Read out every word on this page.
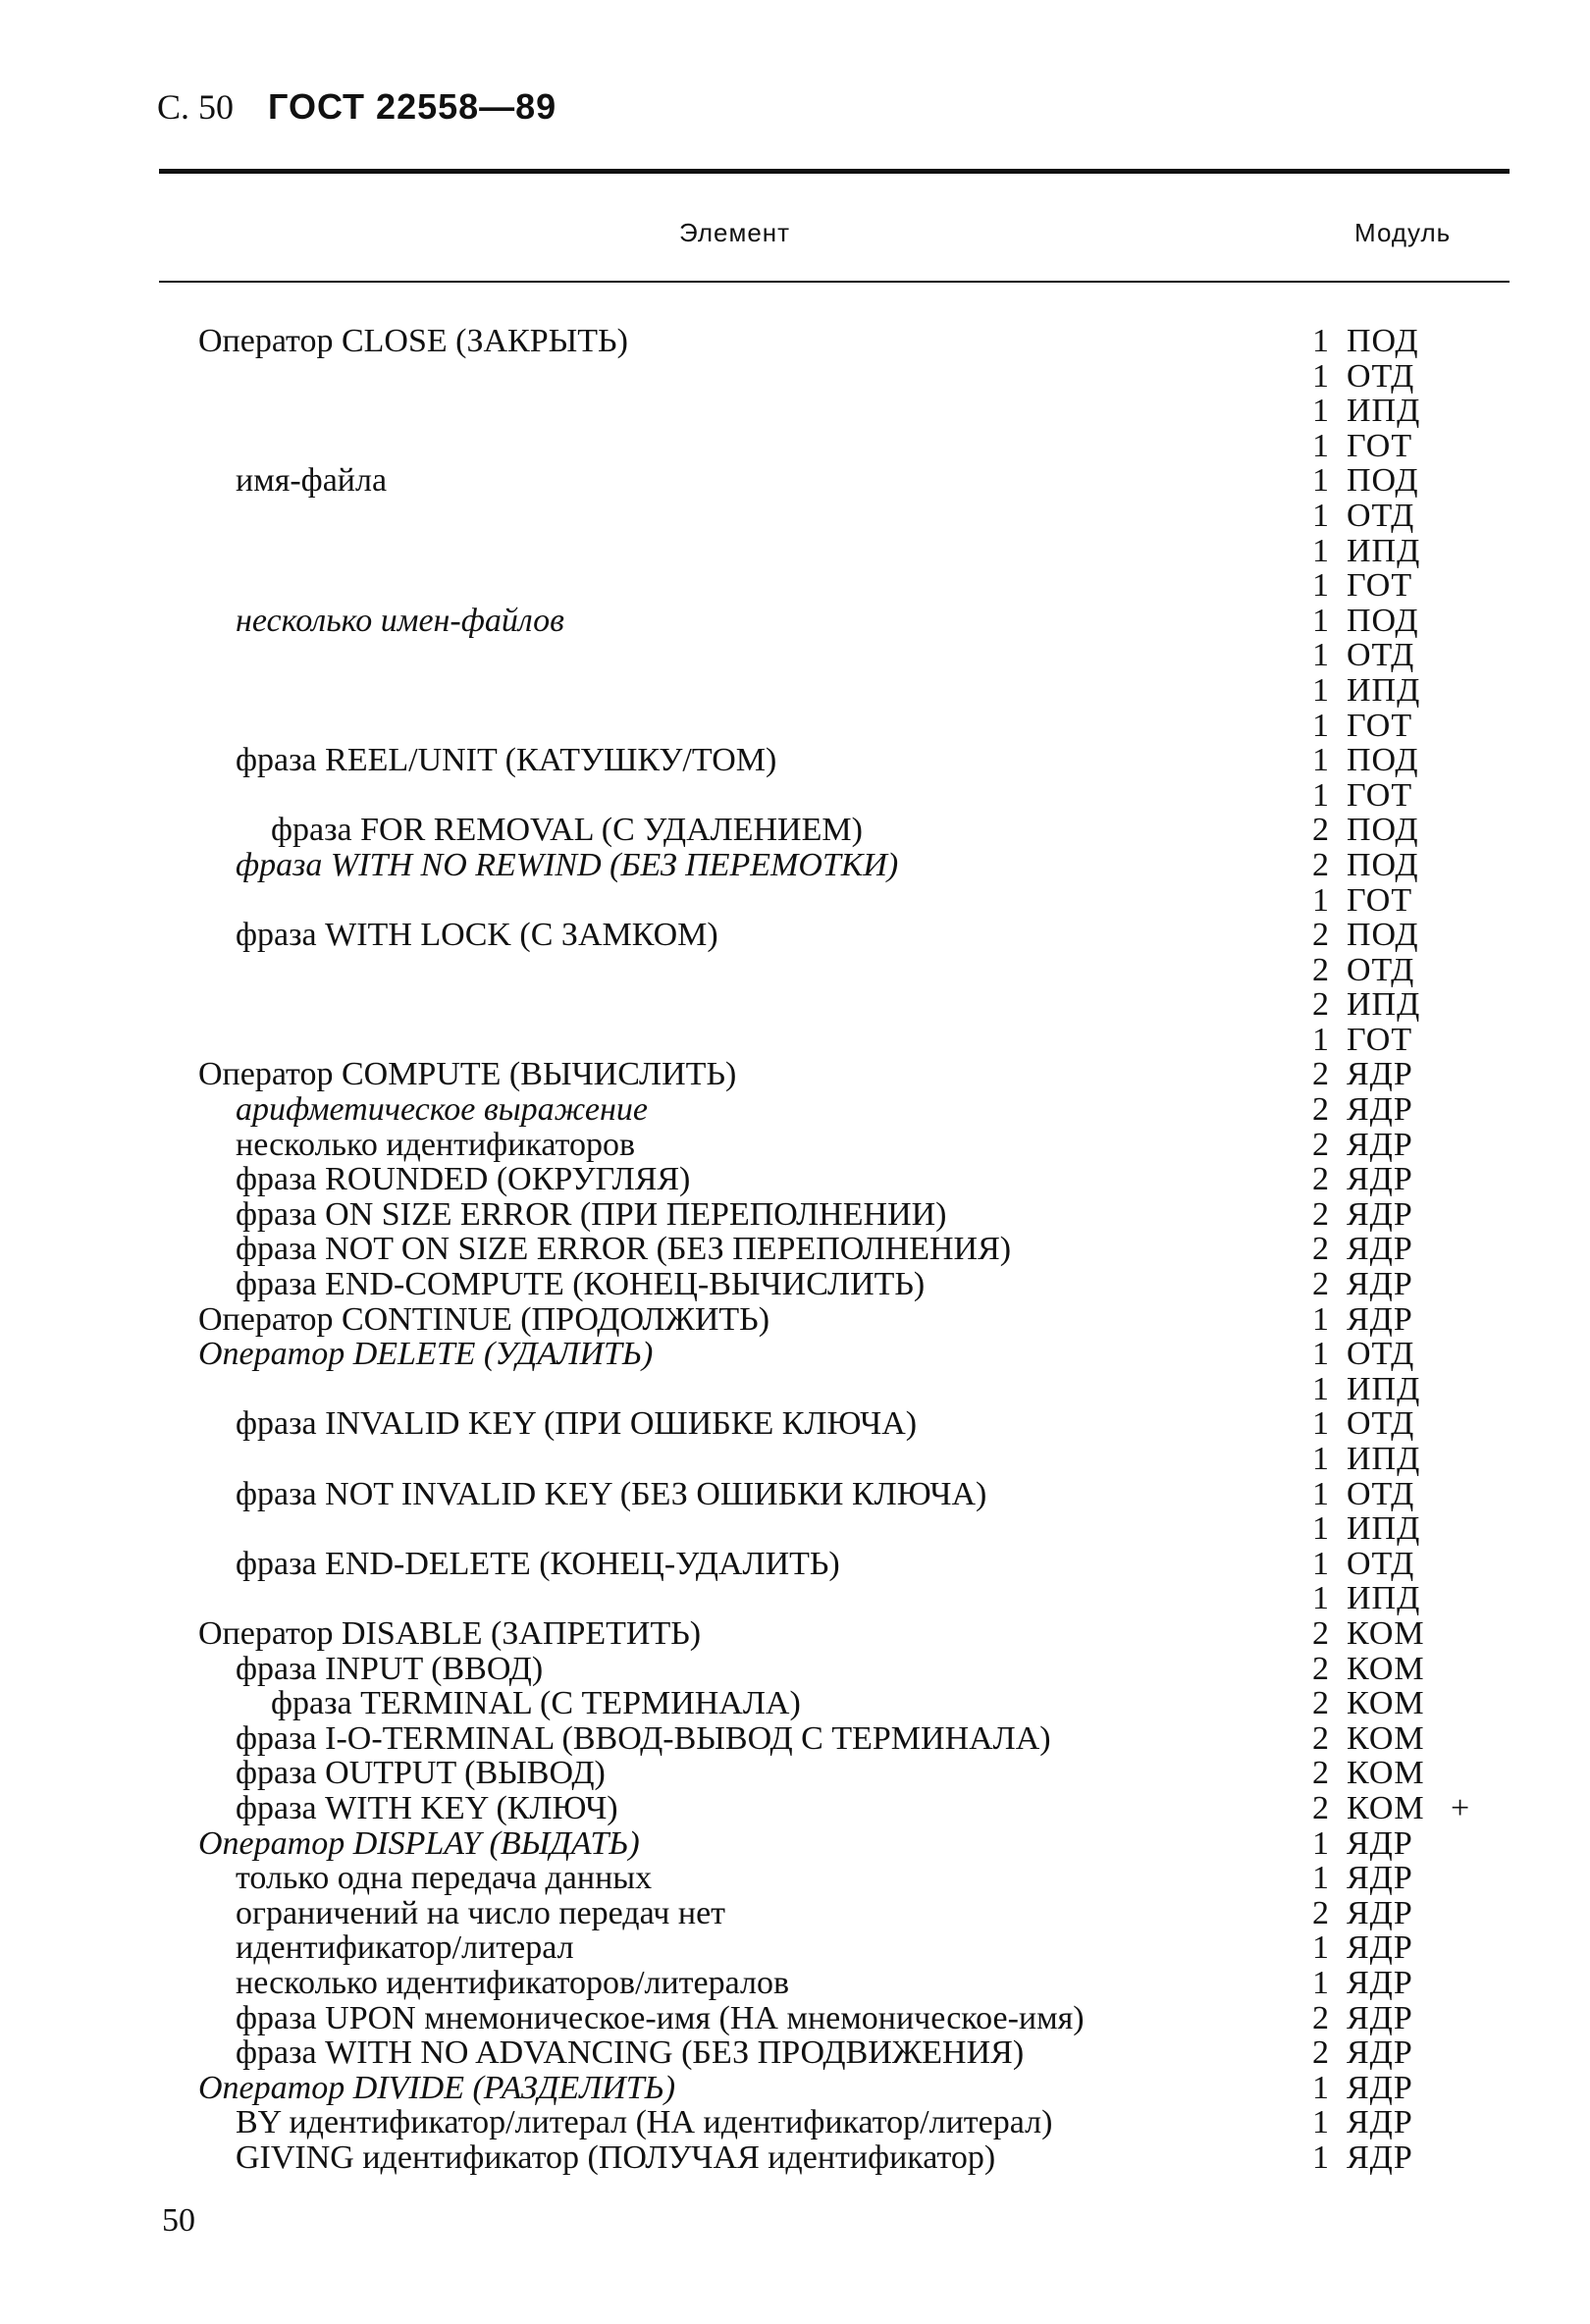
С. 50 ГОСТ 22558—89
Элемент	Модуль
Оператор CLOSE (ЗАКРЫТЬ)	1 ПОД
1 ОТД
1 ИПД
1 ГОТ
имя-файла	1 ПОД
1 ОТД
1 ИПД
1 ГОТ
несколько имен-файлов	1 ПОД
1 ОТД
1 ИПД
1 ГОТ
фраза REEL/UNIT (КАТУШКУ/ТОМ)	1 ПОД
1 ГОТ
фраза FOR REMOVAL (С УДАЛЕНИЕМ)	2 ПОД
фраза WITH NO REWIND (БЕЗ ПЕРЕМОТКИ)	2 ПОД
1 ГОТ
фраза WITH LOCK (С ЗАМКОМ)	2 ПОД
2 ОТД
2 ИПД
1 ГОТ
Оператор COMPUTE (ВЫЧИСЛИТЬ)	2 ЯДР
арифметическое выражение	2 ЯДР
несколько идентификаторов	2 ЯДР
фраза ROUNDED (ОКРУГЛЯЯ)	2 ЯДР
фраза ON SIZE ERROR (ПРИ ПЕРЕПОЛНЕНИИ)	2 ЯДР
фраза NOT ON SIZE ERROR (БЕЗ ПЕРЕПОЛНЕНИЯ)	2 ЯДР
фраза END-COMPUTE (КОНЕЦ-ВЫЧИСЛИТЬ)	2 ЯДР
Оператор CONTINUE (ПРОДОЛЖИТЬ)	1 ЯДР
Оператор DELETE (УДАЛИТЬ)	1 ОТД
1 ИПД
фраза INVALID KEY (ПРИ ОШИБКЕ КЛЮЧА)	1 ОТД
1 ИПД
фраза NOT INVALID KEY (БЕЗ ОШИБКИ КЛЮЧА)	1 ОТД
1 ИПД
фраза END-DELETE (КОНЕЦ-УДАЛИТЬ)	1 ОТД
1 ИПД
Оператор DISABLE (ЗАПРЕТИТЬ)	2 КОМ
фраза INPUT (ВВОД)	2 КОМ
фраза TERMINAL (С ТЕРМИНАЛА)	2 КОМ
фраза I-O-TERMINAL (ВВОД-ВЫВОД С ТЕРМИНАЛА)	2 КОМ
фраза OUTPUT (ВЫВОД)	2 КОМ
фраза WITH KEY (КЛЮЧ)	2 КОМ +
Оператор DISPLAY (ВЫДАТЬ)	1 ЯДР
только одна передача данных	1 ЯДР
ограничений на число передач нет	2 ЯДР
идентификатор/литерал	1 ЯДР
несколько идентификаторов/литералов	1 ЯДР
фраза UPON мнемоническое-имя (НА мнемоническое-имя)	2 ЯДР
фраза WITH NO ADVANCING (БЕЗ ПРОДВИЖЕНИЯ)	2 ЯДР
Оператор DIVIDE (РАЗДЕЛИТЬ)	1 ЯДР
BY идентификатор/литерал (НА идентификатор/литерал)	1 ЯДР
GIVING идентификатор (ПОЛУЧАЯ идентификатор)	1 ЯДР
50
